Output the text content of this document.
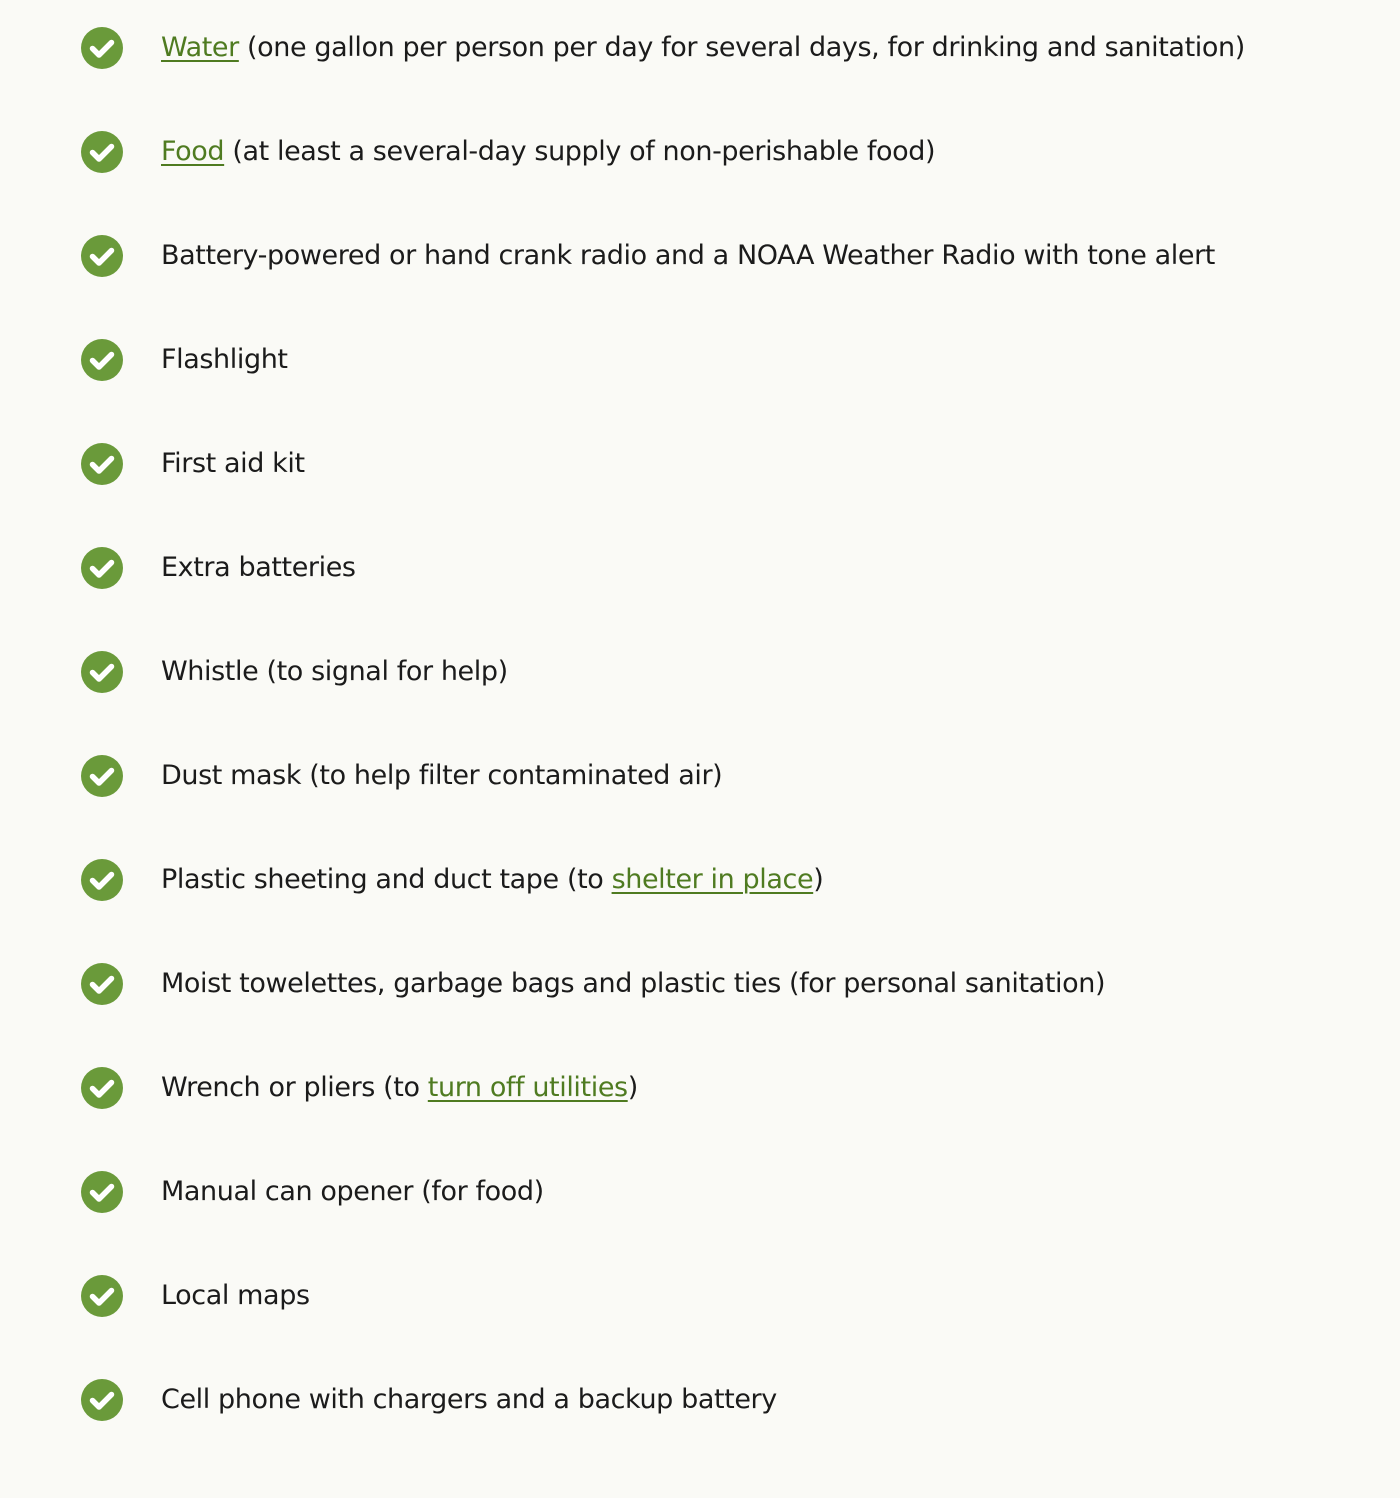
Water (one gallon per person per day for several days, for drinking and sanitation)
Food (at least a several-day supply of non-perishable food)
Battery-powered or hand crank radio and a NOAA Weather Radio with tone alert
Flashlight
First aid kit
Extra batteries
Whistle (to signal for help)
Dust mask (to help filter contaminated air)
Plastic sheeting and duct tape (to shelter in place)
Moist towelettes, garbage bags and plastic ties (for personal sanitation)
Wrench or pliers (to turn off utilities)
Manual can opener (for food)
Local maps
Cell phone with chargers and a backup battery
